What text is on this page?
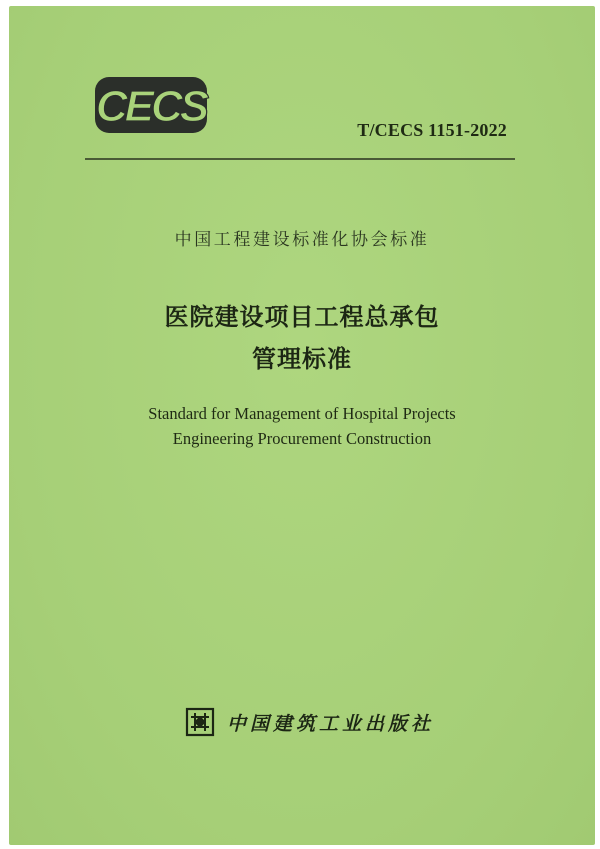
CECS	T/CECS 1151-2022
中国工程建设标准化协会标准
医院建设项目工程总承包
管理标准
Standard for Management of Hospital Projects
Engineering Procurement Construction
中国建筑工业出版社
